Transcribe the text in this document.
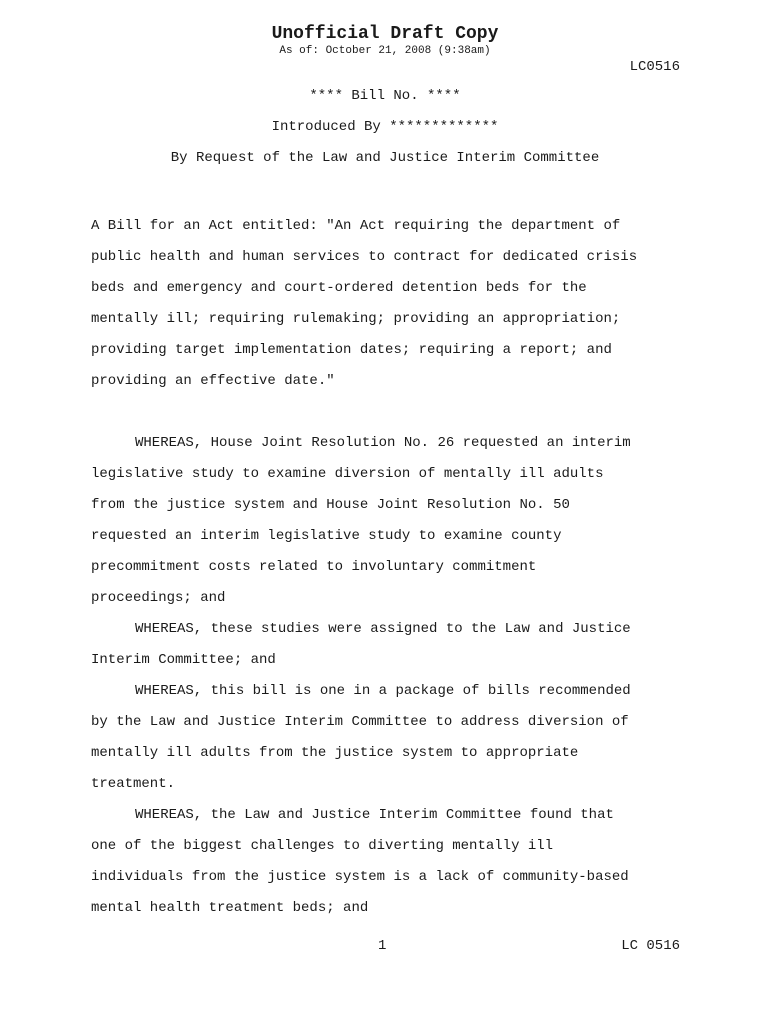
Unofficial Draft Copy
As of: October 21, 2008 (9:38am)
LC0516
**** Bill No. ****
Introduced By *************
By Request of the Law and Justice Interim Committee

A Bill for an Act entitled: "An Act requiring the department of
public health and human services to contract for dedicated crisis
beds and emergency and court-ordered detention beds for the
mentally ill; requiring rulemaking; providing an appropriation;
providing target implementation dates; requiring a report; and
providing an effective date."

WHEREAS, House Joint Resolution No. 26 requested an interim
legislative study to examine diversion of mentally ill adults
from the justice system and House Joint Resolution No. 50
requested an interim legislative study to examine county
precommitment costs related to involuntary commitment
proceedings; and

WHEREAS, these studies were assigned to the Law and Justice
Interim Committee; and

WHEREAS, this bill is one in a package of bills recommended
by the Law and Justice Interim Committee to address diversion of
mentally ill adults from the justice system to appropriate
treatment.

WHEREAS, the Law and Justice Interim Committee found that
one of the biggest challenges to diverting mentally ill
individuals from the justice system is a lack of community-based
mental health treatment beds; and

1	LC 0516
